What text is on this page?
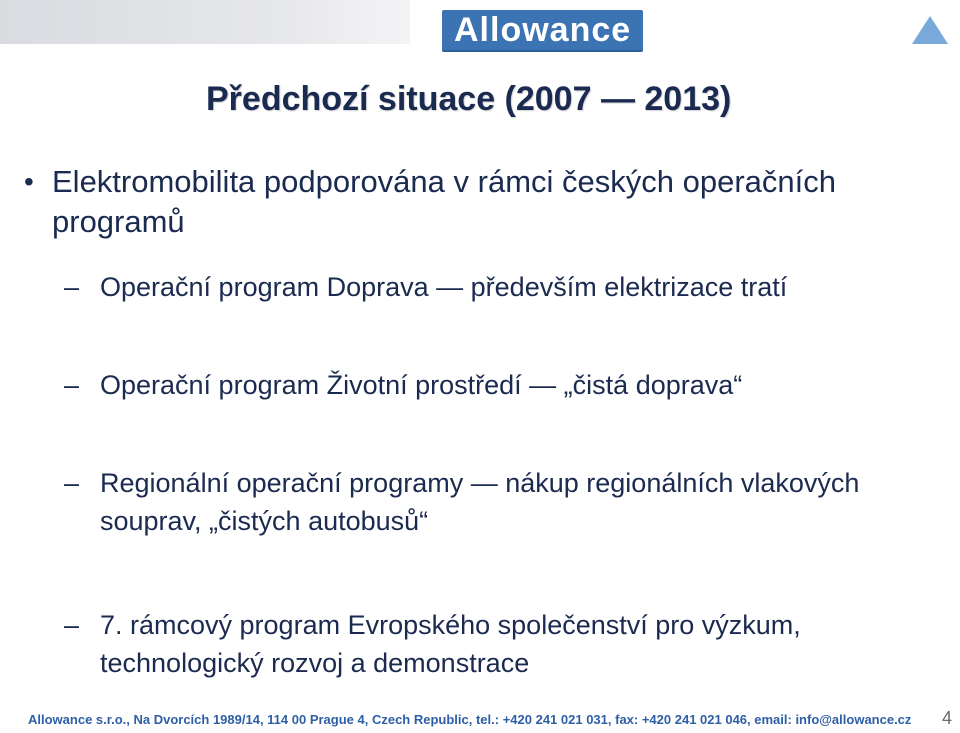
Allowance
Předchozí situace (2007 — 2013)
• Elektromobilita podporována v rámci českých operačních programů
– Operační program Doprava — především elektrizace tratí
– Operační program Životní prostředí — „čistá doprava“
– Regionální operační programy — nákup regionálních vlakových souprav, „čistých autobusů“
– 7. rámcový program Evropského společenství pro výzkum, technologický rozvoj a demonstrace
Allowance s.r.o., Na Dvorcích 1989/14, 114 00 Prague 4, Czech Republic, tel.: +420 241 021 031, fax: +420 241 021 046, email: info@allowance.cz 4
